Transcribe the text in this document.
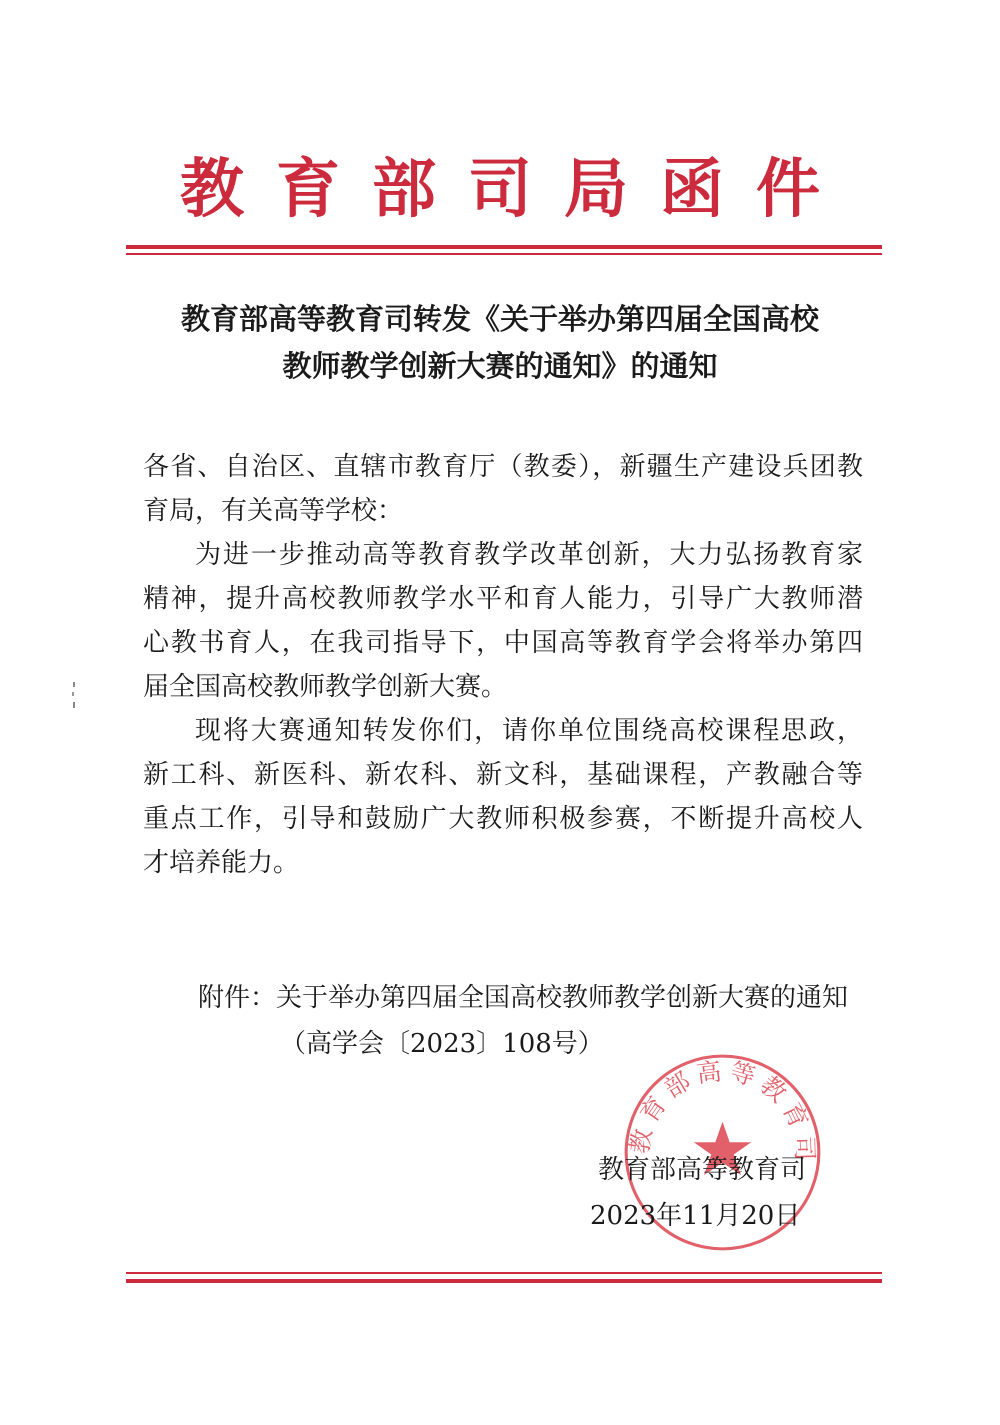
教育部司局函件
教育部高等教育司转发《关于举办第四届全国高校
教师教学创新大赛的通知》的通知
各省、自治区、直辖市教育厅（教委），新疆生产建设兵团教
育局，有关高等学校：
为进一步推动高等教育教学改革创新，大力弘扬教育家
精神，提升高校教师教学水平和育人能力，引导广大教师潜
心教书育人，在我司指导下，中国高等教育学会将举办第四
届全国高校教师教学创新大赛。
现将大赛通知转发你们，请你单位围绕高校课程思政，
新工科、新医科、新农科、新文科，基础课程，产教融合等
重点工作，引导和鼓励广大教师积极参赛，不断提升高校人
才培养能力。
附件：关于举办第四届全国高校教师教学创新大赛的通知
（高学会〔2023〕108号）
教育部高等教育司
教育部高等教育司
2023年11月20日
